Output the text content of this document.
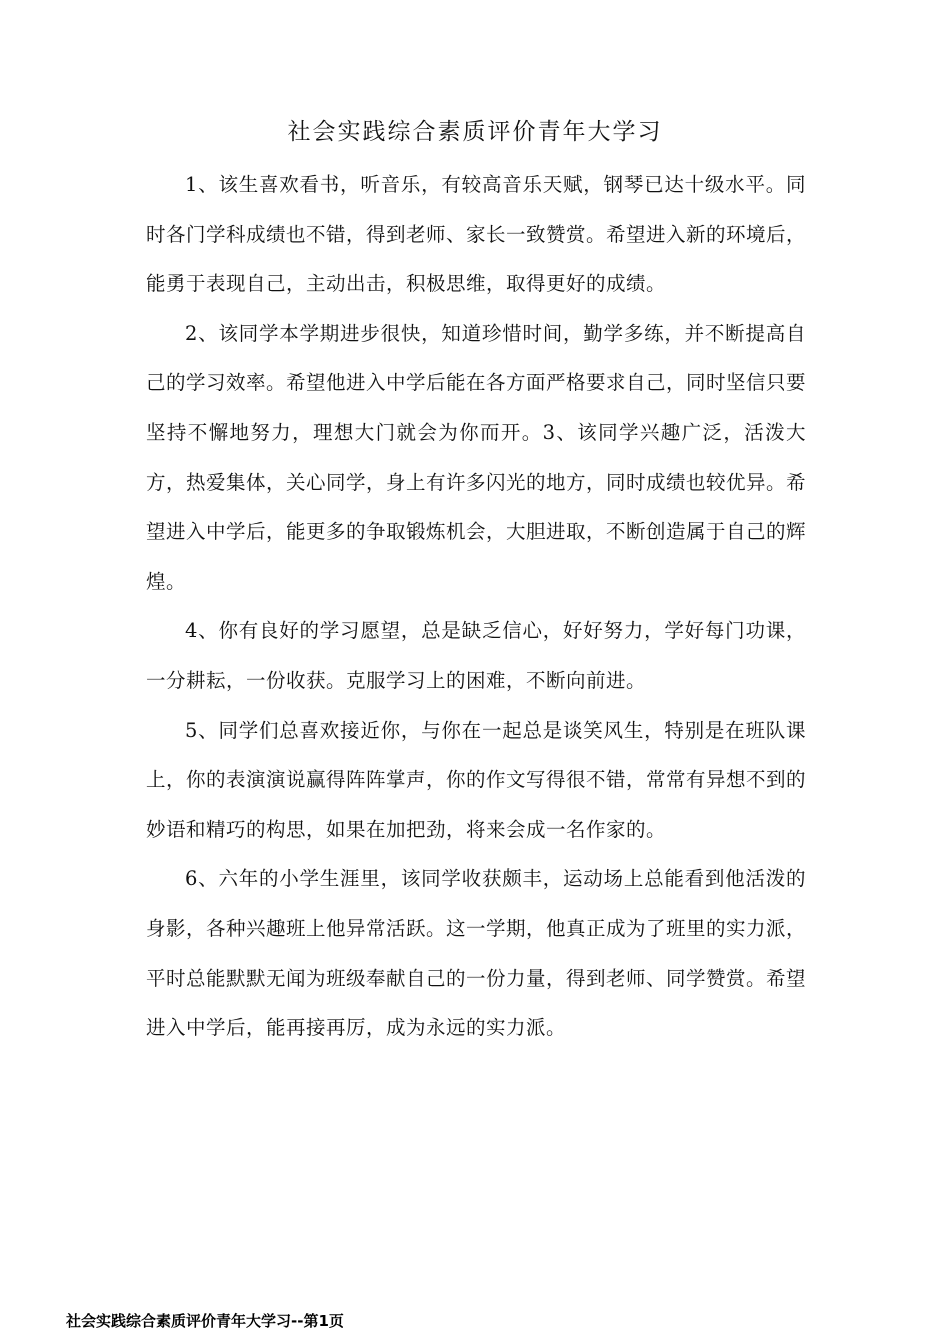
社会实践综合素质评价青年大学习

1、该生喜欢看书，听音乐，有较高音乐天赋，钢琴已达十级水平。同时各门学科成绩也不错，得到老师、家长一致赞赏。希望进入新的环境后，能勇于表现自己，主动出击，积极思维，取得更好的成绩。

2、该同学本学期进步很快，知道珍惜时间，勤学多练，并不断提高自己的学习效率。希望他进入中学后能在各方面严格要求自己，同时坚信只要坚持不懈地努力，理想大门就会为你而开。3、该同学兴趣广泛，活泼大方，热爱集体，关心同学，身上有许多闪光的地方，同时成绩也较优异。希望进入中学后，能更多的争取锻炼机会，大胆进取，不断创造属于自己的辉煌。

4、你有良好的学习愿望，总是缺乏信心，好好努力，学好每门功课，一分耕耘，一份收获。克服学习上的困难，不断向前进。

5、同学们总喜欢接近你，与你在一起总是谈笑风生，特别是在班队课上，你的表演演说赢得阵阵掌声，你的作文写得很不错，常常有异想不到的妙语和精巧的构思，如果在加把劲，将来会成一名作家的。

6、六年的小学生涯里，该同学收获颇丰，运动场上总能看到他活泼的身影，各种兴趣班上他异常活跃。这一学期，他真正成为了班里的实力派，平时总能默默无闻为班级奉献自己的一份力量，得到老师、同学赞赏。希望进入中学后，能再接再厉，成为永远的实力派。

社会实践综合素质评价青年大学习--第1页
